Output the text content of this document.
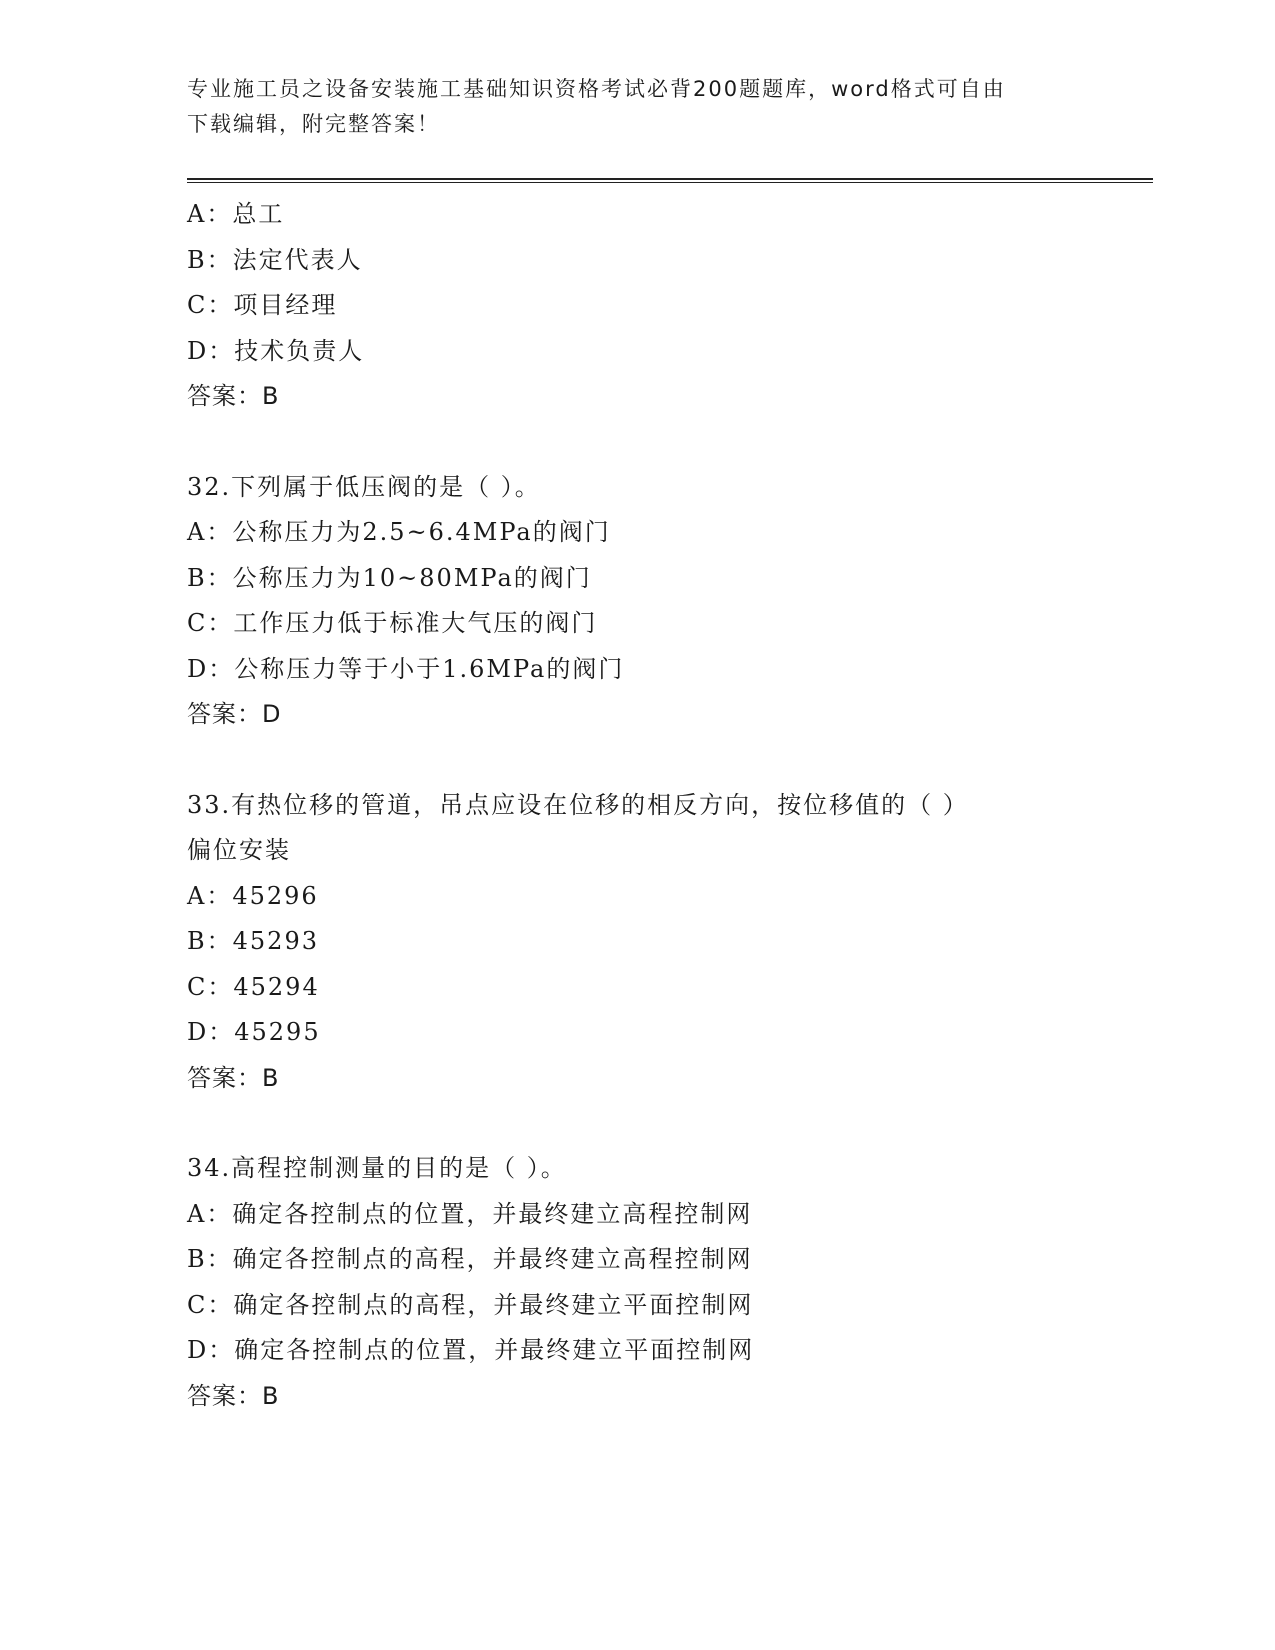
专业施工员之设备安装施工基础知识资格考试必背200题题库，word格式可自由
下载编辑，附完整答案！
A：总工
B：法定代表人
C：项目经理
D：技术负责人
答案：B
32.下列属于低压阀的是（ ）。
A：公称压力为2.5~6.4MPa的阀门
B：公称压力为10~80MPa的阀门
C：工作压力低于标准大气压的阀门
D：公称压力等于小于1.6MPa的阀门
答案：D
33.有热位移的管道，吊点应设在位移的相反方向，按位移值的（ ）
偏位安装
A：45296
B：45293
C：45294
D：45295
答案：B
34.高程控制测量的目的是（ ）。
A：确定各控制点的位置，并最终建立高程控制网
B：确定各控制点的高程，并最终建立高程控制网
C：确定各控制点的高程，并最终建立平面控制网
D：确定各控制点的位置，并最终建立平面控制网
答案：B
